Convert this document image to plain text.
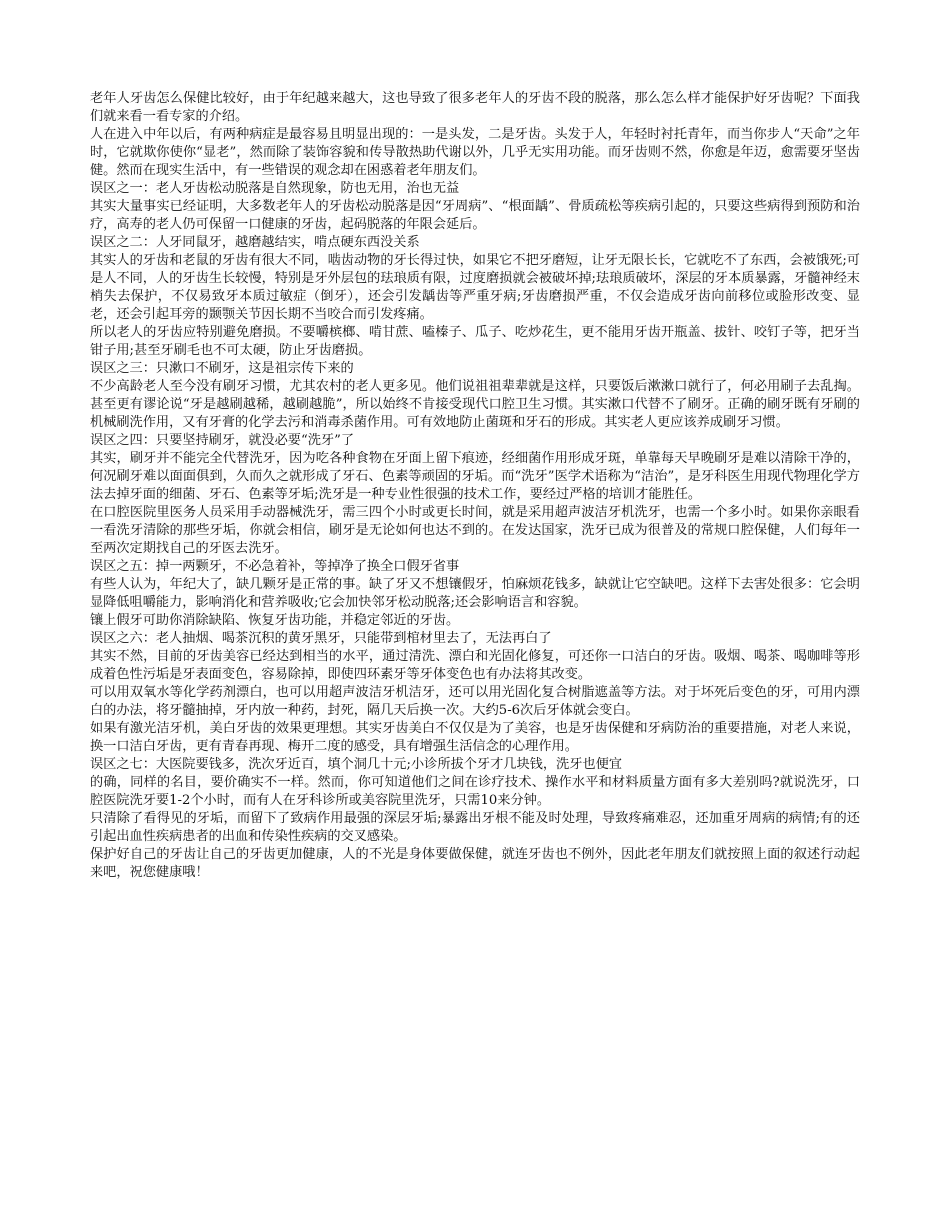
老年人牙齿怎么保健比较好，由于年纪越来越大，这也导致了很多老年人的牙齿不段的脱落，那么怎么样才能保护好牙齿呢？下面我们就来看一看专家的介绍。

人在进入中年以后，有两种病症是最容易且明显出现的：一是头发，二是牙齿。头发于人，年轻时衬托青年，而当你步人“天命”之年时，它就欺你使你“显老”，然而除了装饰容貌和传导散热助代谢以外，几乎无实用功能。而牙齿则不然，你愈是年迈，愈需要牙坚齿健。然而在现实生活中，有一些错误的观念却在困惑着老年朋友们。

误区之一：老人牙齿松动脱落是自然现象，防也无用，治也无益

其实大量事实已经证明，大多数老年人的牙齿松动脱落是因“牙周病”、“根面龋”、骨质疏松等疾病引起的，只要这些病得到预防和治疗，高寿的老人仍可保留一口健康的牙齿，起码脱落的年限会延后。

误区之二：人牙同鼠牙，越磨越结实，啃点硬东西没关系

其实人的牙齿和老鼠的牙齿有很大不同，啮齿动物的牙长得过快，如果它不把牙磨短，让牙无限长长，它就吃不了东西，会被饿死;可是人不同，人的牙齿生长较慢，特别是牙外层包的珐琅质有限，过度磨损就会被破坏掉;珐琅质破坏，深层的牙本质暴露，牙髓神经末梢失去保护，不仅易致牙本质过敏症（倒牙），还会引发龋齿等严重牙病;牙齿磨损严重，不仅会造成牙齿向前移位或脸形改变、显老，还会引起耳旁的颞颚关节因长期不当咬合而引发疼痛。

所以老人的牙齿应特别避免磨损。不要嚼槟榔、啃甘蔗、嗑榛子、瓜子、吃炒花生，更不能用牙齿开瓶盖、拔针、咬钉子等，把牙当钳子用;甚至牙刷毛也不可太硬，防止牙齿磨损。

误区之三：只漱口不刷牙，这是祖宗传下来的

不少高龄老人至今没有刷牙习惯，尤其农村的老人更多见。他们说祖祖辈辈就是这样，只要饭后漱漱口就行了，何必用刷子去乱掏。甚至更有谬论说“牙是越刷越稀，越刷越脆”，所以始终不肯接受现代口腔卫生习惯。其实漱口代替不了刷牙。正确的刷牙既有牙刷的机械刷洗作用，又有牙膏的化学去污和消毒杀菌作用。可有效地防止菌斑和牙石的形成。其实老人更应该养成刷牙习惯。

误区之四：只要坚持刷牙，就没必要“洗牙”了

其实，刷牙并不能完全代替洗牙，因为吃各种食物在牙面上留下痕迹，经细菌作用形成牙斑，单靠每天早晚刷牙是难以清除干净的，何况刷牙难以面面俱到，久而久之就形成了牙石、色素等顽固的牙垢。而“洗牙”医学术语称为“洁治”，是牙科医生用现代物理化学方法去掉牙面的细菌、牙石、色素等牙垢;洗牙是一种专业性很强的技术工作，要经过严格的培训才能胜任。

在口腔医院里医务人员采用手动器械洗牙，需三四个小时或更长时间，就是采用超声波洁牙机洗牙，也需一个多小时。如果你亲眼看一看洗牙清除的那些牙垢，你就会相信，刷牙是无论如何也达不到的。在发达国家，洗牙已成为很普及的常规口腔保健，人们每年一至两次定期找自己的牙医去洗牙。

误区之五：掉一两颗牙，不必急着补，等掉净了换全口假牙省事

有些人认为，年纪大了，缺几颗牙是正常的事。缺了牙又不想镶假牙，怕麻烦花钱多，缺就让它空缺吧。这样下去害处很多：它会明显降低咀嚼能力，影响消化和营养吸收;它会加快邻牙松动脱落;还会影响语言和容貌。

镶上假牙可助你消除缺陷、恢复牙齿功能，并稳定邻近的牙齿。

误区之六：老人抽烟、喝茶沉积的黄牙黑牙，只能带到棺材里去了，无法再白了

其实不然，目前的牙齿美容已经达到相当的水平，通过清洗、漂白和光固化修复，可还你一口洁白的牙齿。吸烟、喝茶、喝咖啡等形成着色性污垢是牙表面变色，容易除掉，即使四环素牙等牙体变色也有办法将其改变。

可以用双氧水等化学药剂漂白，也可以用超声波洁牙机洁牙，还可以用光固化复合树脂遮盖等方法。对于坏死后变色的牙，可用内漂白的办法，将牙髓抽掉，牙内放一种药，封死，隔几天后换一次。大约5-6次后牙体就会变白。

如果有激光洁牙机，美白牙齿的效果更理想。其实牙齿美白不仅仅是为了美容，也是牙齿保健和牙病防治的重要措施，对老人来说，换一口洁白牙齿，更有青春再现、梅开二度的感受，具有增强生活信念的心理作用。

误区之七：大医院要钱多，洗次牙近百，填个洞几十元;小诊所拔个牙才几块钱，洗牙也便宜

的确，同样的名目，要价确实不一样。然而，你可知道他们之间在诊疗技术、操作水平和材料质量方面有多大差别吗?就说洗牙，口腔医院洗牙要1-2个小时，而有人在牙科诊所或美容院里洗牙，只需10来分钟。

只清除了看得见的牙垢，而留下了致病作用最强的深层牙垢;暴露出牙根不能及时处理，导致疼痛难忍，还加重牙周病的病情;有的还引起出血性疾病患者的出血和传染性疾病的交叉感染。

保护好自己的牙齿让自己的牙齿更加健康，人的不光是身体要做保健，就连牙齿也不例外，因此老年朋友们就按照上面的叙述行动起来吧，祝您健康哦！
